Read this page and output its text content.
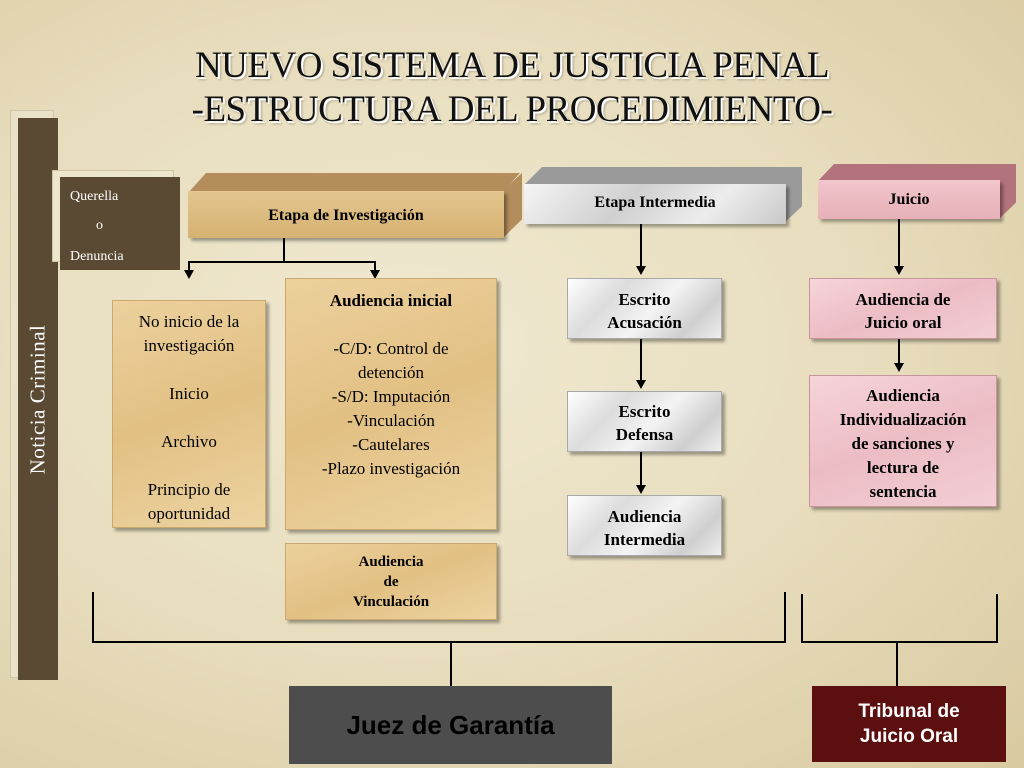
NUEVO SISTEMA DE JUSTICIA PENAL
-ESTRUCTURA DEL PROCEDIMIENTO-
Noticia Criminal
Querella
o
Denuncia
Etapa de Investigación
Etapa Intermedia	Juicio
No inicio de la
investigación
Inicio
Archivo
Principio de
oportunidad
Audiencia inicial
-C/D: Control de
detención
-S/D: Imputación
-Vinculación
-Cautelares
-Plazo investigación
Audiencia
de
Vinculación
Escrito
Acusación
Escrito
Defensa
Audiencia
Intermedia
Audiencia de
Juicio oral
Audiencia
Individualización
de sanciones y
lectura de
sentencia
Juez de Garantía	Tribunal de
Juicio Oral
